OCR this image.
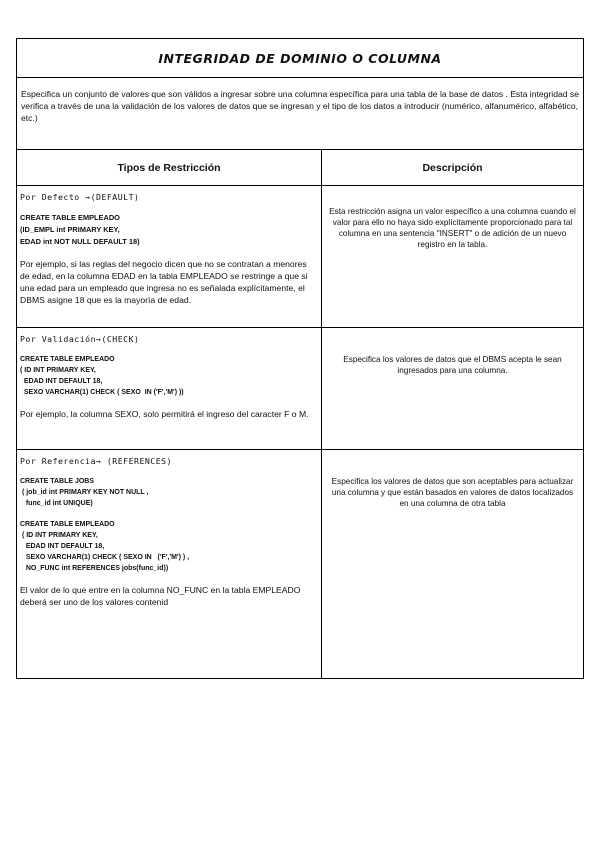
INTEGRIDAD DE DOMINIO O COLUMNA
Especifica un conjunto de valores que son válidos a ingresar sobre una columna específica para una tabla de la base de datos . Esta integridad se verifica a través de una la validación de los valores de datos que se ingresan y el tipo de los datos a introducir (numérico, alfanumérico, alfabético, etc.)
Tipos de Restricción
Por Defecto →(DEFAULT)
CREATE TABLE EMPLEADO
(ID_EMPL int PRIMARY KEY,
EDAD int NOT NULL DEFAULT 18)
Por ejemplo, si las reglas del negocio dicen que no se contratan a menores de edad, en la columna EDAD en la tabla EMPLEADO se restringe a que si una edad para un empleado que ingresa no es señalada explícitamente, el DBMS asigne 18 que es la mayoría de edad.
Por Validación→(CHECK)
CREATE TABLE EMPLEADO
( ID INT PRIMARY KEY,
EDAD INT DEFAULT 18,
SEXO VARCHAR(1) CHECK ( SEXO  IN ('F','M') ))
Por ejemplo, la columna SEXO, solo permitirá el ingreso del caracter F o M.
Por Referencia→ (REFERENCES)
CREATE TABLE JOBS
( job_id int PRIMARY KEY NOT NULL ,
func_id int UNIQUE)
CREATE TABLE EMPLEADO
( ID INT PRIMARY KEY,
EDAD INT DEFAULT 18,
SEXO VARCHAR(1) CHECK ( SEXO IN   ('F','M') ) ,
NO_FUNC int REFERENCES jobs(func_id))
El valor de lo que entre en la columna NO_FUNC en la tabla EMPLEADO deberá ser uno de los valores contenid
Descripción
Esta restricción asigna un valor específico a una columna cuando el valor para ello no haya sido explícitamente proporcionado para tal columna en una sentencia "INSERT" o de adición de un nuevo registro en la tabla.
Especifica los valores de datos que el DBMS acepta le sean ingresados para una columna.
Especifica los valores de datos que son aceptables para actualizar una columna y que están basados en valores de datos localizados en una columna de otra tabla
